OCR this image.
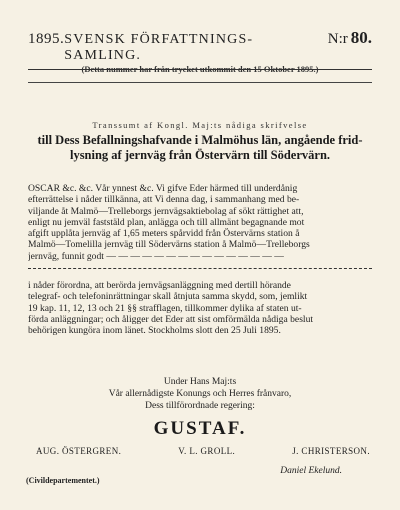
1895. SVENSK FÖRFATTNINGS-SAMLING.
N:r 80.
(Detta nummer har från trycket utkommit den 15 Oktober 1895.)
Transsumt af Kongl. Maj:ts nådiga skrifvelse
till Dess Befallningshafvande i Malmöhus län, angående frid-
lysning af jernväg från Östervärn till Södervärn.
OSCAR &c. &c. Vår ynnest &c. Vi gifve Eder härmed till underdånig
efterrättelse i nåder tillkänna, att Vi denna dag, i sammanhang med be-
viljande åt Malmö—Trelleborgs jernvägsaktiebolag af sökt rättighet att,
enligt nu jemväl faststäld plan, anlägga och till allmänt begagnande mot
afgift upplåta jernväg af 1,65 meters spårvidd från Östervärns station å
Malmö—Tomelilla jernväg till Södervärns station å Malmö—Trelleborgs
jernväg, funnit godt — — — — — — — — — — — — — — —
i nåder förordna, att berörda jernvägsanläggning med dertill hörande
telegraf- och telefoninrättningar skall åtnjuta samma skydd, som, jemlikt
19 kap. 11, 12, 13 och 21 §§ strafflagen, tillkommer dylika af staten ut-
förda anläggningar; och åligger det Eder att sist omförmälda nådiga beslut
behörigen kungöra inom länet. Stockholms slott den 25 Juli 1895.
Under Hans Maj:ts
Vår allernådigste Konungs och Herres frånvaro,
Dess tillförordnade regering:
GUSTAF.
AUG. ÖSTERGREN.	V. L. GROLL.	J. CHRISTERSON.
Daniel Ekelund.
(Civildepartementet.)
